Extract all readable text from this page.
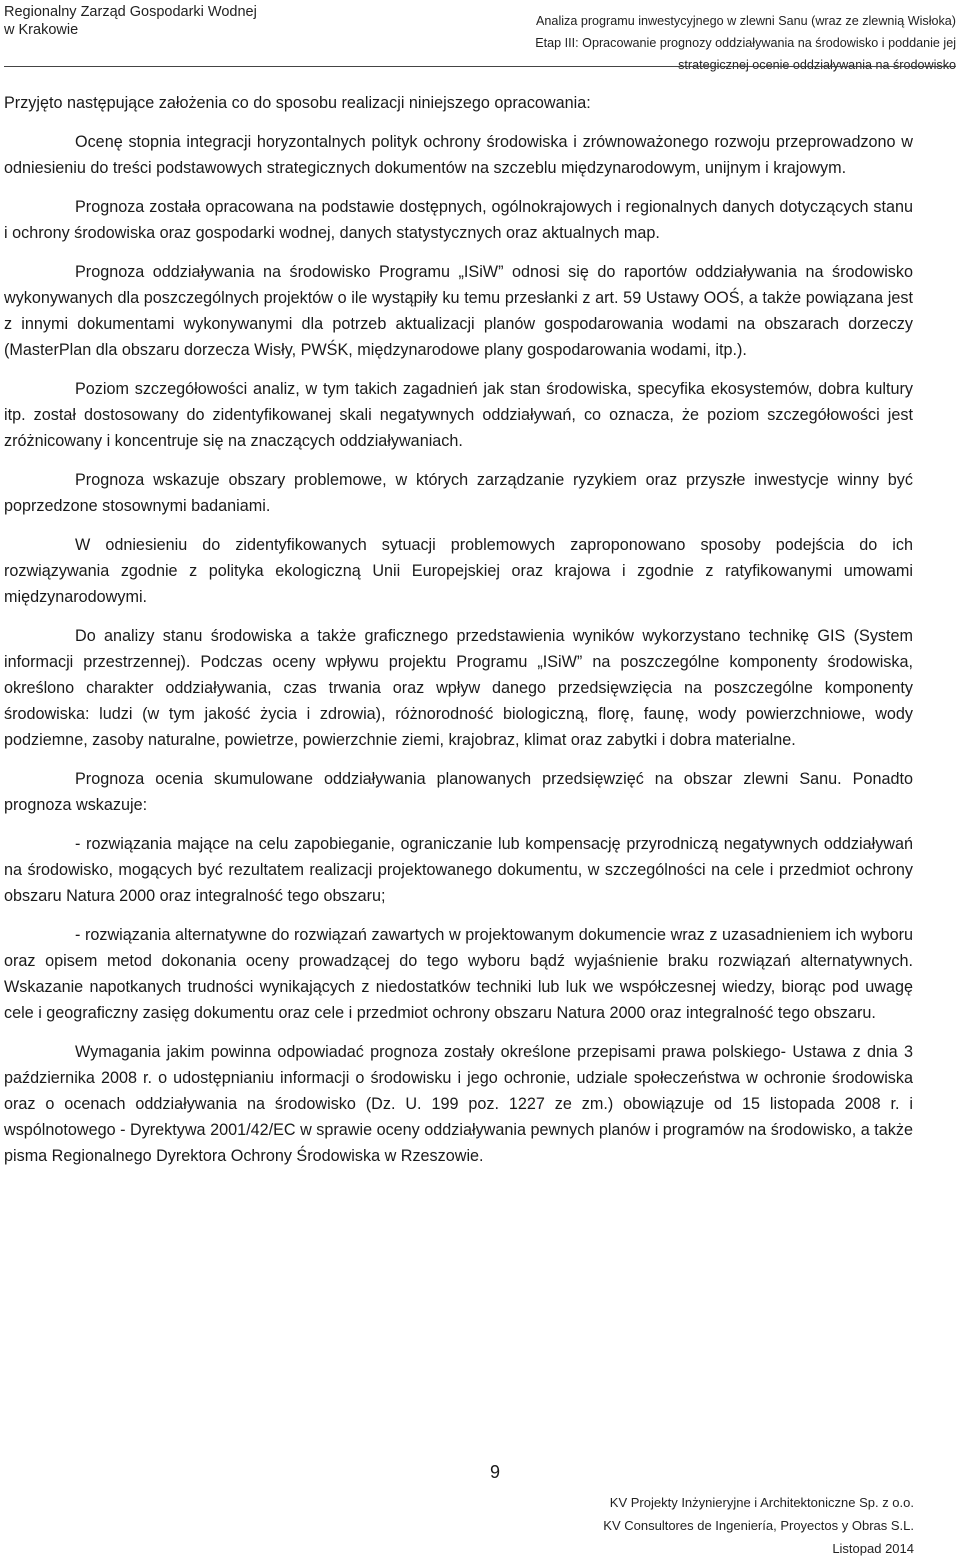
Regionalny Zarząd Gospodarki Wodnej
w Krakowie
Analiza programu inwestycyjnego w zlewni Sanu (wraz ze zlewnią Wisłoka)
Etap III: Opracowanie prognozy oddziaływania na środowisko i poddanie jej
strategicznej ocenie oddziaływania na środowisko
Przyjęto następujące założenia co do sposobu realizacji niniejszego opracowania:

Ocenę stopnia integracji horyzontalnych polityk ochrony środowiska i zrównoważonego rozwoju przeprowadzono w odniesieniu do treści podstawowych strategicznych dokumentów na szczeblu międzynarodowym, unijnym i krajowym.

Prognoza została opracowana na podstawie dostępnych, ogólnokrajowych i regionalnych danych dotyczących stanu i ochrony środowiska oraz gospodarki wodnej, danych statystycznych oraz aktualnych map.

Prognoza oddziaływania na środowisko Programu „ISiW” odnosi się do raportów oddziaływania na środowisko wykonywanych dla poszczególnych projektów o ile wystąpiły ku temu przesłanki z art. 59 Ustawy OOŚ, a także powiązana jest z innymi dokumentami wykonywanymi dla potrzeb aktualizacji planów gospodarowania wodami na obszarach dorzeczy (MasterPlan dla obszaru dorzecza Wisły, PWŚK, międzynarodowe plany gospodarowania wodami, itp.).

Poziom szczegółowości analiz, w tym takich zagadnień jak stan środowiska, specyfika ekosystemów, dobra kultury itp. został dostosowany do zidentyfikowanej skali negatywnych oddziaływań, co oznacza, że poziom szczegółowości jest zróżnicowany i koncentruje się na znaczących oddziaływaniach.

Prognoza wskazuje obszary problemowe, w których zarządzanie ryzykiem oraz przyszłe inwestycje winny być poprzedzone stosownymi badaniami.

W odniesieniu do zidentyfikowanych sytuacji problemowych zaproponowano sposoby podejścia do ich rozwiązywania zgodnie z polityka ekologiczną Unii Europejskiej oraz krajowa i zgodnie z ratyfikowanymi umowami międzynarodowymi.

Do analizy stanu środowiska a także graficznego przedstawienia wyników wykorzystano technikę GIS (System informacji przestrzennej). Podczas oceny wpływu projektu Programu „ISiW” na poszczególne komponenty środowiska, określono charakter oddziaływania, czas trwania oraz wpływ danego przedsięwzięcia na poszczególne komponenty środowiska: ludzi (w tym jakość życia i zdrowia), różnorodność biologiczną, florę, faunę, wody powierzchniowe, wody podziemne, zasoby naturalne, powietrze, powierzchnie ziemi, krajobraz, klimat oraz zabytki i dobra materialne.

Prognoza ocenia skumulowane oddziaływania planowanych przedsięwzięć na obszar zlewni Sanu. Ponadto prognoza wskazuje:

- rozwiązania mające na celu zapobieganie, ograniczanie lub kompensację przyrodniczą negatywnych oddziaływań na środowisko, mogących być rezultatem realizacji projektowanego dokumentu, w szczególności na cele i przedmiot ochrony obszaru Natura 2000 oraz integralność tego obszaru;

- rozwiązania alternatywne do rozwiązań zawartych w projektowanym dokumencie wraz z uzasadnieniem ich wyboru oraz opisem metod dokonania oceny prowadzącej do tego wyboru bądź wyjaśnienie braku rozwiązań alternatywnych. Wskazanie napotkanych trudności wynikających z niedostatków techniki lub luk we współczesnej wiedzy, biorąc pod uwagę cele i geograficzny zasięg dokumentu oraz cele i przedmiot ochrony obszaru Natura 2000 oraz integralność tego obszaru.

Wymagania jakim powinna odpowiadać prognoza zostały określone przepisami prawa polskiego- Ustawa z dnia 3 października 2008 r. o udostępnianiu informacji o środowisku i jego ochronie, udziale społeczeństwa w ochronie środowiska oraz o ocenach oddziaływania na środowisko (Dz. U. 199 poz. 1227 ze zm.) obowiązuje od 15 listopada 2008 r. i wspólnotowego - Dyrektywa 2001/42/EC w sprawie oceny oddziaływania pewnych planów i programów na środowisko, a także pisma Regionalnego Dyrektora Ochrony Środowiska w Rzeszowie.

9
KV Projekty Inżynieryjne i Architektoniczne Sp. z o.o.
KV Consultores de Ingeniería, Proyectos y Obras S.L.
Listopad 2014
